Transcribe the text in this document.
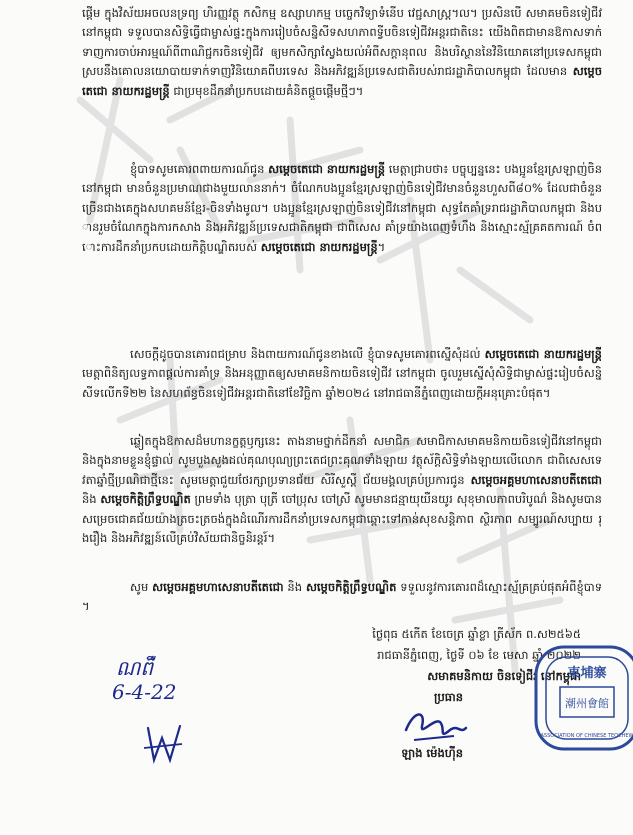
ផ្តើម ក្នុងវិស័យអចលនទ្រព្យ ហិរញ្ញវត្ថុ កសិកម្ម ឧស្សាហកម្ម បច្ចេកវិទ្យាទំនើប វេជ្ជសាស្ត្រ។ល។ ប្រសិនបើ សមាគមចិនទៀជីវនៅកម្ពុជា ទទួលបានសិទ្ធិធ្វើជាម្ចាស់ផ្ទះក្នុងការរៀបចំសន្និសីទសហភាពទ្វីបចិនទៀជីវអន្តរជាតិនេះ យើងពិតជាមានឱកាសទាក់ទាញការចាប់អារម្មណ៍ពីពាណិជ្ជករចិនទៀជីវ ឲ្យមកសិក្សាស្វែងយល់អំពីសក្តានុពល និងបរិស្ថាននៃវិនិយោគនៅប្រទេសកម្ពុជា ស្របនឹងគោលនយោបាយទាក់ទាញវិនិយោគពីបរទេស និងអភិវឌ្ឍន៍ប្រទេសជាតិរបស់រាជរដ្ឋាភិបាលកម្ពុជា ដែលមាន សម្តេចតេជោ នាយករដ្ឋមន្ត្រី ជាប្រមុខដឹកនាំប្រកបដោយគំនិតផ្តួចផ្តើមថ្មីៗ។
ខ្ញុំបាទសូមគោរពពាយការណ៍ជូន សម្តេចតេជោ នាយករដ្ឋមន្ត្រី មេត្តាជ្រាបថា៖ បច្ចុប្បន្ននេះ បងប្អូនខ្មែរស្រឡាញ់ចិននៅកម្ពុជា មានចំនួនប្រមាណជាងមួយលាននាក់។ ចំណែកបងប្អូនខ្មែរស្រឡាញ់ចិនទៀជីវមានចំនួនហួសពី៨០% ដែលជាចំនួនច្រើនជាងគេក្នុងសហគមន៍ខ្មែរ-ចិនទាំងមូល។ បងប្អូនខ្មែរស្រឡាញ់ចិនទៀជីវនៅកម្ពុជា សុទ្ធតែគាំទ្ររាជរដ្ឋាភិបាលកម្ពុជា និងបានរួមចំណែកក្នុងការកសាង និងអភិវឌ្ឍន៍ប្រទេសជាតិកម្ពុជា ជាពិសេស គាំទ្រយ៉ាងពេញទំហឹង និងស្មោះស្ម័គ្រគតការណ៍ ចំពោះការដឹកនាំប្រកបដោយកិត្តិបណ្ឌិតរបស់ សម្តេចតេជោ នាយករដ្ឋមន្ត្រី។
សេចក្តីដូចបានគោរពជម្រាប និងពាយការណ៍ជូនខាងលើ ខ្ញុំបាទសូមគោរពស្នើសុំដល់ សម្តេចតេជោ នាយករដ្ឋមន្ត្រី មេត្តាពិនិត្យលទ្ធភាពផ្តល់ការគាំទ្រ និងអនុញ្ញាតឲ្យសមាគមនិកាយចិនទៀជីវ នៅកម្ពុជា ចូលរួមស្នើសុំសិទ្ធិជាម្ចាស់ផ្ទះរៀបចំសន្និសីទលើកទី២២ នៃសហព័ន្ធចិនទៀជីវអន្តរជាតិនៅខែវិច្ឆិកា ឆ្នាំ២០២៤ នៅរាជធានីភ្នំពេញដោយក្តីអនុគ្រោះបំផុត។
ឆ្លៀតក្នុងឱកាសដ៏មហានក្ខត្តឫក្សនេះ តាងនាមថ្នាក់ដឹកនាំ សមាជិក សមាជិកាសមាគមនិកាយចិនទៀជីវនៅកម្ពុជា និងក្នុងនាមខ្លួនខ្ញុំផ្ទាល់ សូមបួងសួងដល់គុណបុណ្យព្រះតេជព្រះគុណទាំងឡាយ វត្ថុស័ក្តិសិទ្ធិទាំងឡាយលើលោក ជាពិសេសទេវតាឆ្នាំថ្មីប្រណិជាថ្មីនេះ សូមមេត្តាជួយថែរក្សាប្រទានជ័យ សិរីសួស្តី ជ័យមង្គលគ្រប់ប្រការជូន សម្តេចអគ្គមហាសេនាបតីតេជោ និង សម្តេចកិត្តិព្រឹទ្ធបណ្ឌិត ព្រមទាំង បុត្រា បុត្រី ចៅប្រុស ចៅស្រី សូមមានជន្មាយុយឺនយូរ សុខុមាលភាពបរិបូណ៌ និងសូមបានសម្រេចជោគជ័យយ៉ាងត្រចះត្រចង់ក្នុងដំណើរការដឹកនាំប្រទេសកម្ពុជាឆ្ពោះទៅកាន់សុខសន្តិភាព ស្ថិរភាព សម្បូរណ៍សប្បាយ រុងរឿង និងអភិវឌ្ឍន៍លើគ្រប់វិស័យជានិច្ចនិរន្តរ៍។
សូម សម្តេចអគ្គមហាសេនាបតីតេជោ និង សម្តេចកិត្តិព្រឹទ្ធបណ្ឌិត ទទួលនូវការគោរពដ៏ស្មោះស្ម័គ្រ​គ្រប់ផុតអំពីខ្ញុំបាទ។
ថ្ងៃពុធ ៥កើត ខែចេត្រ ឆ្នាំខ្លា ត្រីស័ក ព.ស២៥៦៥
រាជធានីភ្នំពេញ, ថ្ងៃទី ០៦ ខែ មេសា ឆ្នាំ ២០២២
សមាគមនិកាយ ចិនទៀជីវ នៅកម្ពុជា
ប្រធាន
ឡាង ម៉េងហ៊ីន
東埔寨
潮州會館
ASSOCIATION OF CHINESE TEOCHEW
ណព៌ី
6-4-22
